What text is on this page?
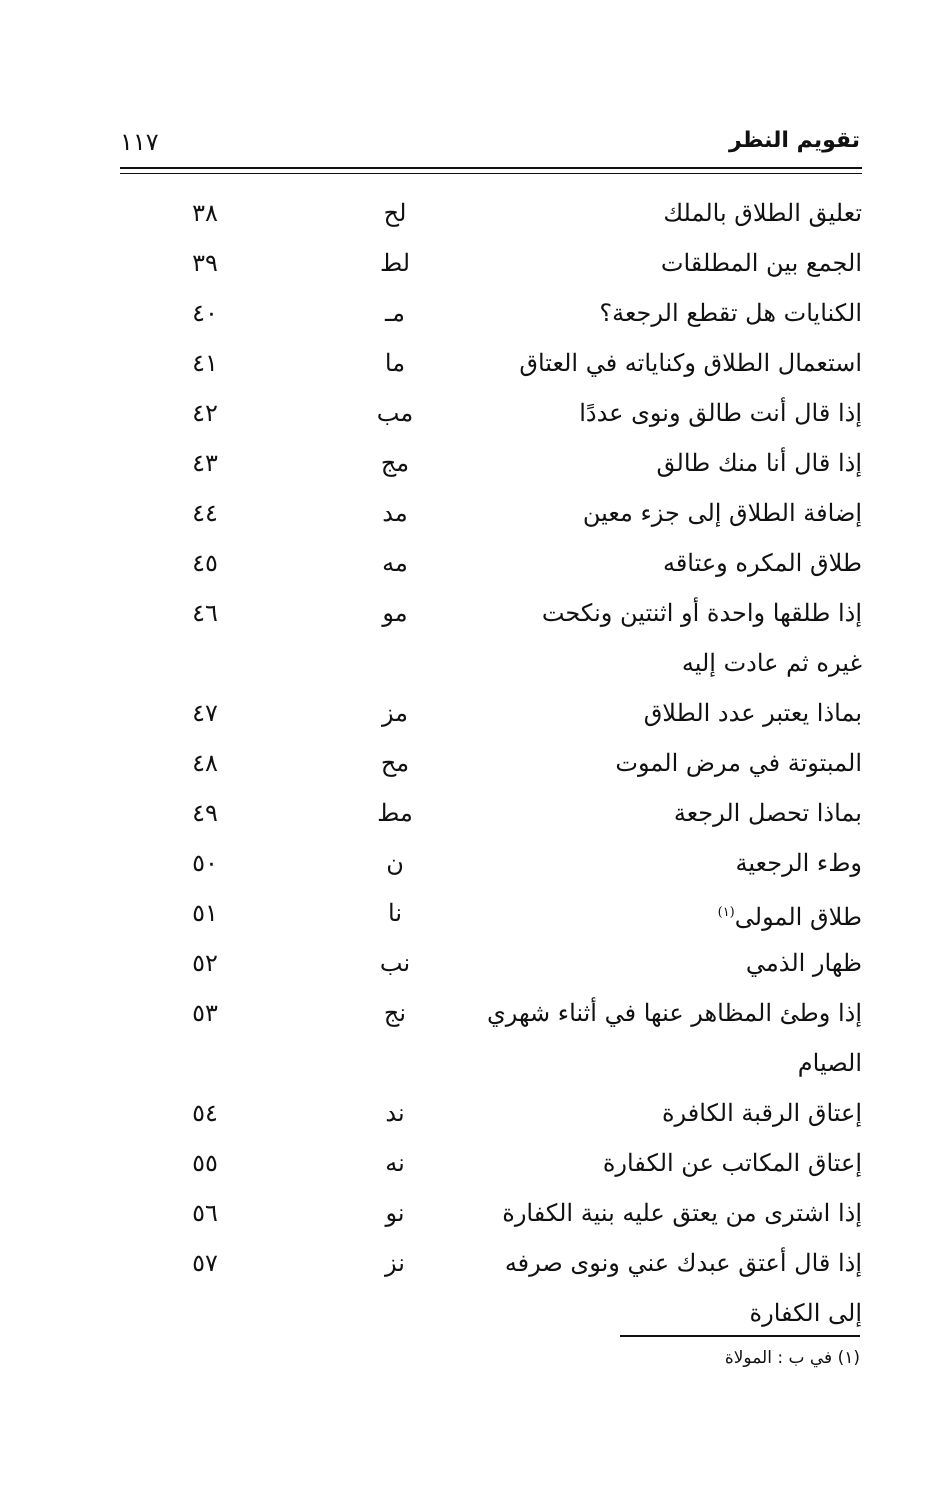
تقويم النظر
١١٧
تعليق الطلاق بالملك
لح
٣٨
الجمع بين المطلقات
لط
٣٩
الكنايات هل تقطع الرجعة؟
مـ
٤٠
استعمال الطلاق وكناياته في العتاق
ما
٤١
إذا قال أنت طالق ونوى عددًا
مب
٤٢
إذا قال أنا منك طالق
مج
٤٣
إضافة الطلاق إلى جزء معين
مد
٤٤
طلاق المكره وعتاقه
مه
٤٥
إذا طلقها واحدة أو اثنتين ونكحت
مو
٤٦
غيره ثم عادت إليه
بماذا يعتبر عدد الطلاق
مز
٤٧
المبتوتة في مرض الموت
مح
٤٨
بماذا تحصل الرجعة
مط
٤٩
وطء الرجعية
ن
٥٠
طلاق المولى$^{(١)}$
نا
٥١
ظهار الذمي
نب
٥٢
إذا وطئ المظاهر عنها في أثناء شهري
نج
٥٣
الصيام
إعتاق الرقبة الكافرة
ند
٥٤
إعتاق المكاتب عن الكفارة
نه
٥٥
إذا اشترى من يعتق عليه بنية الكفارة
نو
٥٦
إذا قال أعتق عبدك عني ونوى صرفه
نز
٥٧
إلى الكفارة
(١) في ب : المولاة
